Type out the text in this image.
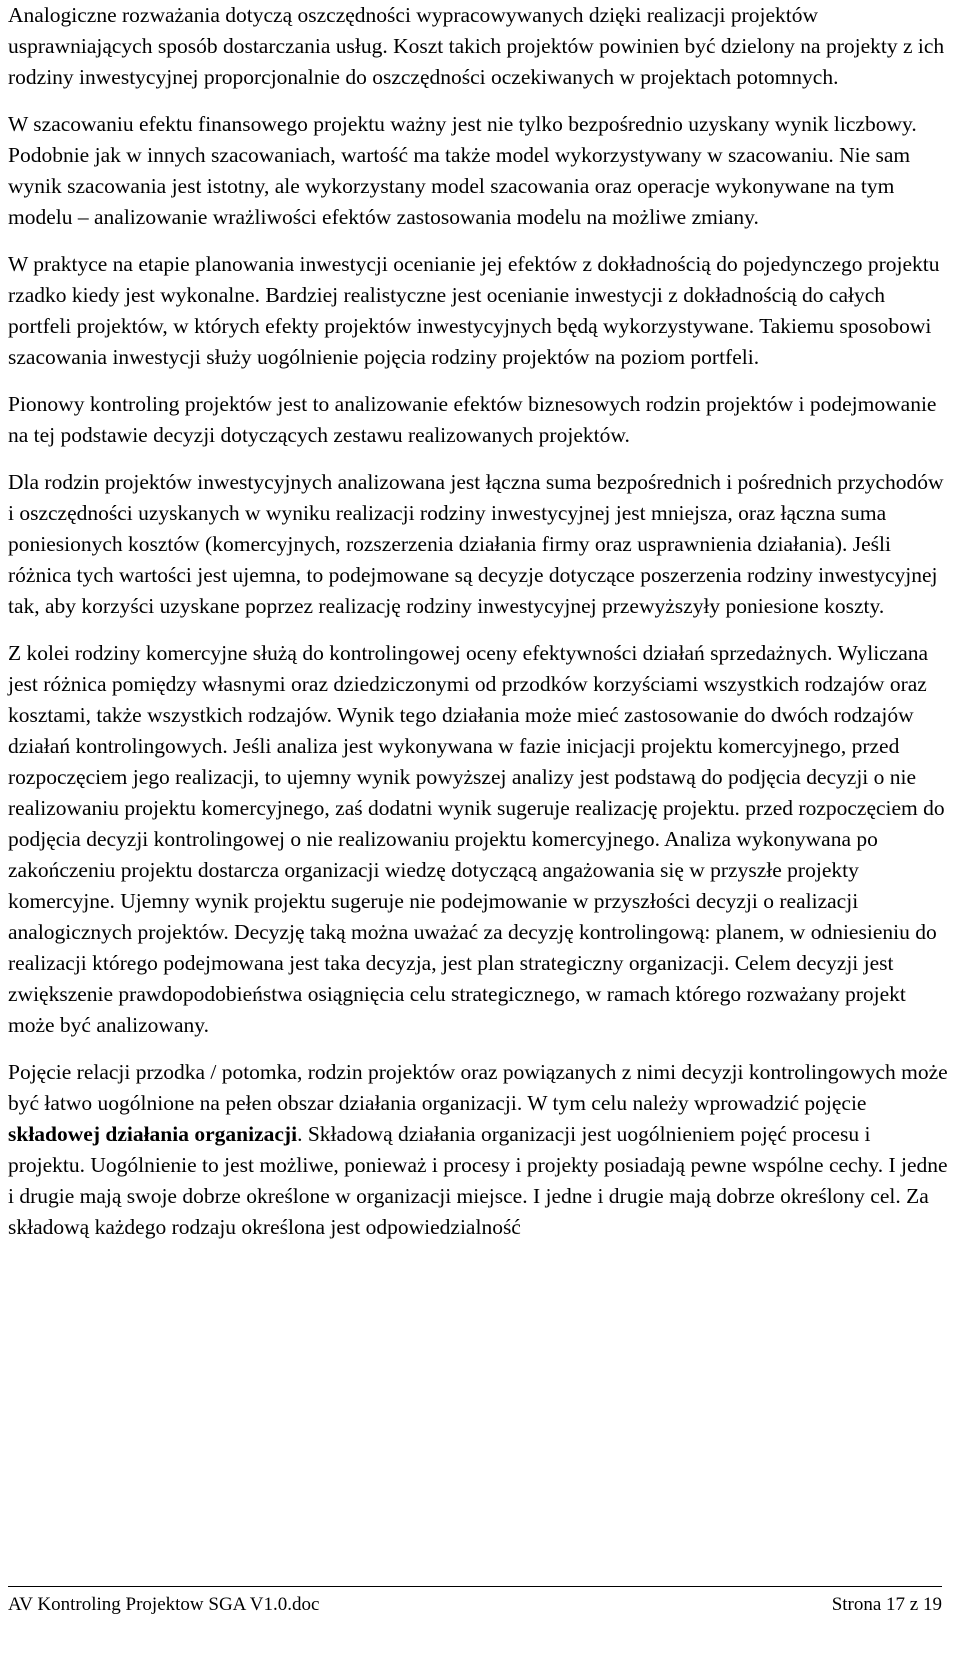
Analogiczne rozważania dotyczą oszczędności wypracowywanych dzięki realizacji projektów usprawniających sposób dostarczania usług. Koszt takich projektów powinien być dzielony na projekty z ich rodziny inwestycyjnej proporcjonalnie do oszczędności oczekiwanych w projektach potomnych.

W szacowaniu efektu finansowego projektu ważny jest nie tylko bezpośrednio uzyskany wynik liczbowy. Podobnie jak w innych szacowaniach, wartość ma także model wykorzystywany w szacowaniu. Nie sam wynik szacowania jest istotny, ale wykorzystany model szacowania oraz operacje wykonywane na tym modelu – analizowanie wrażliwości efektów zastosowania modelu na możliwe zmiany.

W praktyce na etapie planowania inwestycji ocenianie jej efektów z dokładnością do pojedynczego projektu rzadko kiedy jest wykonalne. Bardziej realistyczne jest ocenianie inwestycji z dokładnością do całych portfeli projektów, w których efekty projektów inwestycyjnych będą wykorzystywane. Takiemu sposobowi szacowania inwestycji służy uogólnienie pojęcia rodziny projektów na poziom portfeli.

Pionowy kontroling projektów jest to analizowanie efektów biznesowych rodzin projektów i podejmowanie na tej podstawie decyzji dotyczących zestawu realizowanych projektów.

Dla rodzin projektów inwestycyjnych analizowana jest łączna suma bezpośrednich i pośrednich przychodów i oszczędności uzyskanych w wyniku realizacji rodziny inwestycyjnej jest mniejsza, oraz łączna suma poniesionych kosztów (komercyjnych, rozszerzenia działania firmy oraz usprawnienia działania). Jeśli różnica tych wartości jest ujemna, to podejmowane są decyzje dotyczące poszerzenia rodziny inwestycyjnej tak, aby korzyści uzyskane poprzez realizację rodziny inwestycyjnej przewyższyły poniesione koszty.

Z kolei rodziny komercyjne służą do kontrolingowej oceny efektywności działań sprzedażnych. Wyliczana jest różnica pomiędzy własnymi oraz dziedziczonymi od przodków korzyściami wszystkich rodzajów oraz kosztami, także wszystkich rodzajów. Wynik tego działania może mieć zastosowanie do dwóch rodzajów działań kontrolingowych. Jeśli analiza jest wykonywana w fazie inicjacji projektu komercyjnego, przed rozpoczęciem jego realizacji, to ujemny wynik powyższej analizy jest podstawą do podjęcia decyzji o nie realizowaniu projektu komercyjnego, zaś dodatni wynik sugeruje realizację projektu. przed rozpoczęciem do podjęcia decyzji kontrolingowej o nie realizowaniu projektu komercyjnego. Analiza wykonywana po zakończeniu projektu dostarcza organizacji wiedzę dotyczącą angażowania się w przyszłe projekty komercyjne. Ujemny wynik projektu sugeruje nie podejmowanie w przyszłości decyzji o realizacji analogicznych projektów. Decyzję taką można uważać za decyzję kontrolingową: planem, w odniesieniu do realizacji którego podejmowana jest taka decyzja, jest plan strategiczny organizacji. Celem decyzji jest zwiększenie prawdopodobieństwa osiągnięcia celu strategicznego, w ramach którego rozważany projekt może być analizowany.

Pojęcie relacji przodka / potomka, rodzin projektów oraz powiązanych z nimi decyzji kontrolingowych może być łatwo uogólnione na pełen obszar działania organizacji. W tym celu należy wprowadzić pojęcie składowej działania organizacji. Składową działania organizacji jest uogólnieniem pojęć procesu i projektu. Uogólnienie to jest możliwe, ponieważ i procesy i projekty posiadają pewne wspólne cechy. I jedne i drugie mają swoje dobrze określone w organizacji miejsce. I jedne i drugie mają dobrze określony cel. Za składową każdego rodzaju określona jest odpowiedzialność

AV Kontroling Projektow SGA V1.0.doc	Strona 17 z 19
